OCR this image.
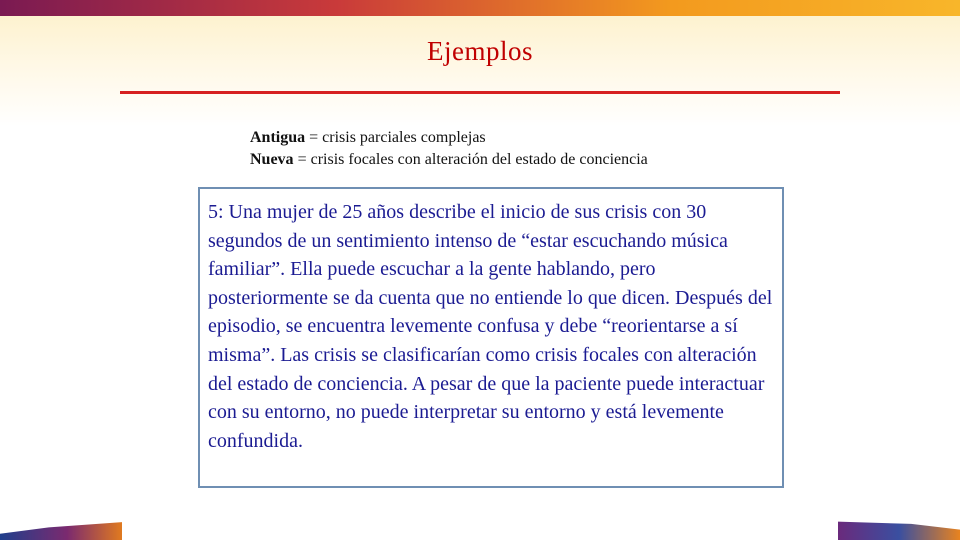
Ejemplos
Antigua = crisis parciales complejas
Nueva = crisis focales con alteración del estado de conciencia

5: Una mujer de 25 años describe el inicio de sus crisis con 30 segundos de un sentimiento intenso de “estar escuchando música familiar”. Ella puede escuchar a la gente hablando, pero posteriormente se da cuenta que no entiende lo que dicen. Después del episodio, se encuentra levemente confusa y debe “reorientarse a sí misma”. Las crisis se clasificarían como crisis focales con alteración del estado de conciencia. A pesar de que la paciente puede interactuar con su entorno, no puede interpretar su entorno y está levemente confundida.
